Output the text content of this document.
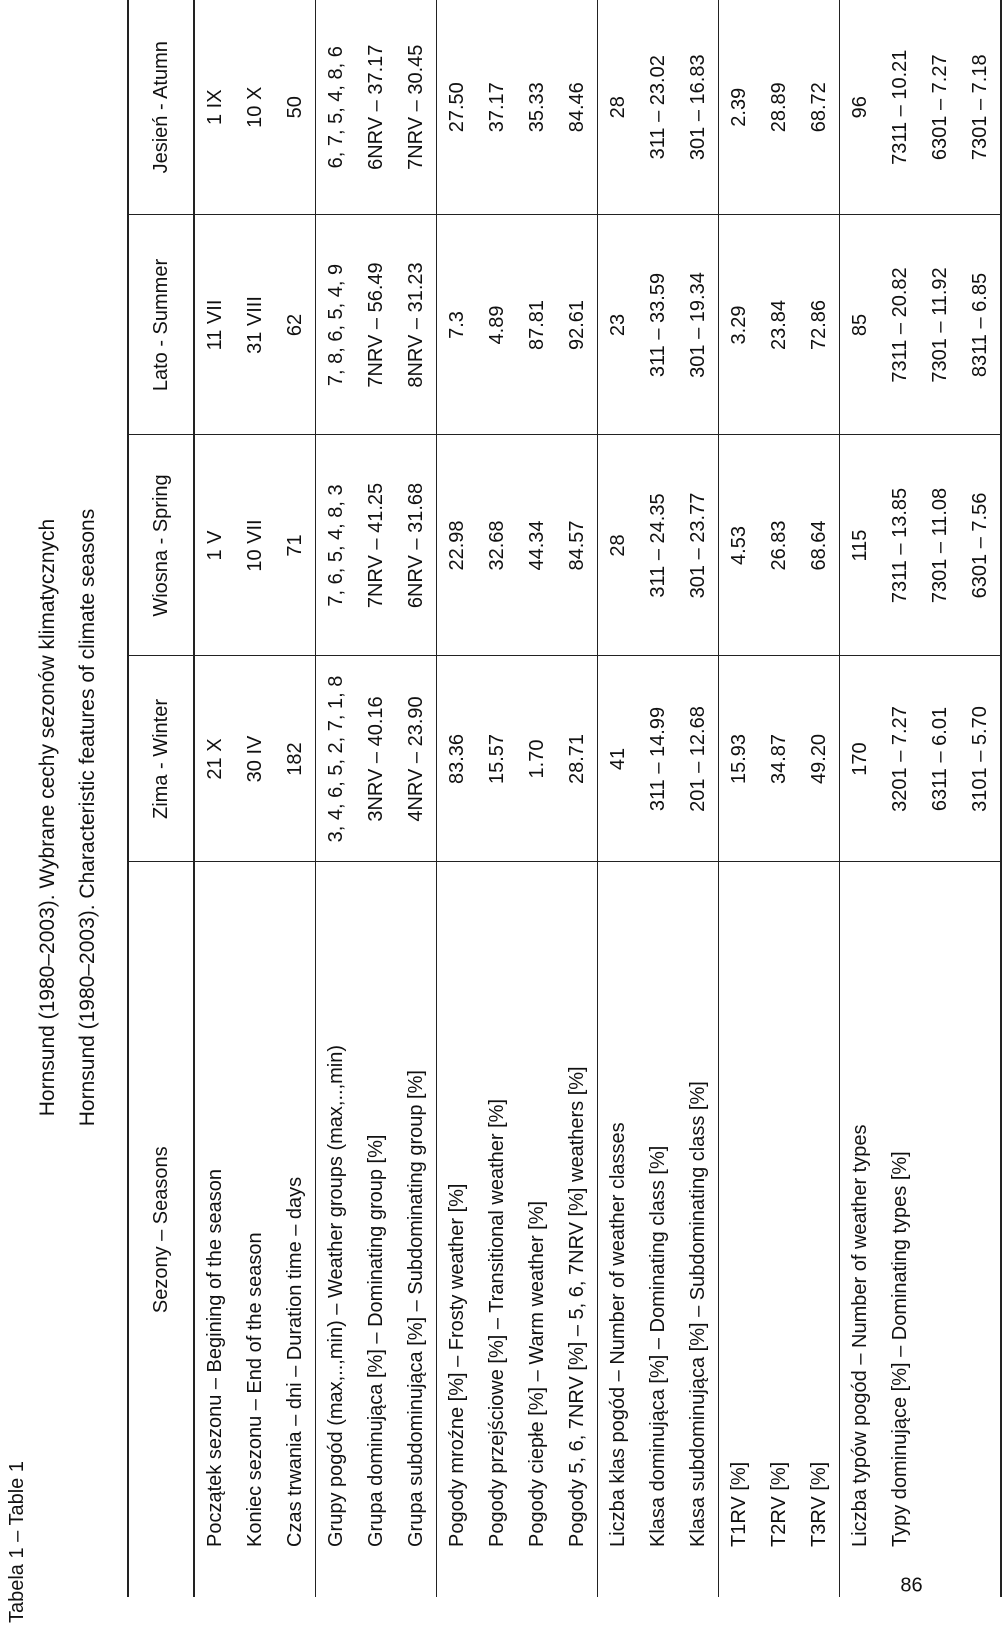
Tabela 1 – Table 1
Hornsund (1980–2003). Wybrane cechy sezonów klimatycznych Hornsund (1980–2003). Characteristic features of climate seasons
86
Sezony – Seasons	Zima - Winter	Wiosna - Spring	Lato - Summer	Jesień - Atumn
Początek sezonu – Begining of the season	21 X	1 V	11 VII	1 IX
Koniec sezonu – End of the season	30 IV	10 VII	31 VIII	10 X
Czas trwania – dni – Duration time – days	182	71	62	50
Grupy pogód (max,..,min) – Weather groups (max,..,min)	3, 4, 6, 5, 2, 7, 1, 8	7, 6, 5, 4, 8, 3	7, 8, 6, 5, 4, 9	6, 7, 5, 4, 8, 6
Grupa dominująca [%] – Dominating group [%]	3NRV – 40.16	7NRV – 41.25	7NRV – 56.49	6NRV – 37.17
Grupa subdominująca [%] – Subdominating group [%]	4NRV – 23.90	6NRV – 31.68	8NRV – 31.23	7NRV – 30.45
Pogody mroźne [%] – Frosty weather [%]	83.36	22.98	7.3	27.50
Pogody przejściowe [%] – Transitional weather [%]	15.57	32.68	4.89	37.17
Pogody ciepłe [%] – Warm weather [%]	1.70	44.34	87.81	35.33
Pogody 5, 6, 7NRV [%] – 5, 6, 7NRV [%] weathers [%]	28.71	84.57	92.61	84.46
Liczba klas pogód – Number of weather classes	41	28	23	28
Klasa dominująca [%] – Dominating class [%]	311 – 14.99	311 – 24.35	311 – 33.59	311 – 23.02
Klasa subdominująca [%] – Subdominating class [%]	201 – 12.68	301 – 23.77	301 – 19.34	301 – 16.83
T1RV [%]	15.93	4.53	3.29	2.39
T2RV [%]	34.87	26.83	23.84	28.89
T3RV [%]	49.20	68.64	72.86	68.72
Liczba typów pogód – Number of weather types	170	115	85	96
Typy dominujące [%] – Dominating types [%]	3201 – 7.27	7311 – 13.85	7311 – 20.82	7311 – 10.21
	6311 – 6.01	7301 – 11.08	7301 – 11.92	6301 – 7.27
	3101 – 5.70	6301 – 7.56	8311 – 6.85	7301 – 7.18
